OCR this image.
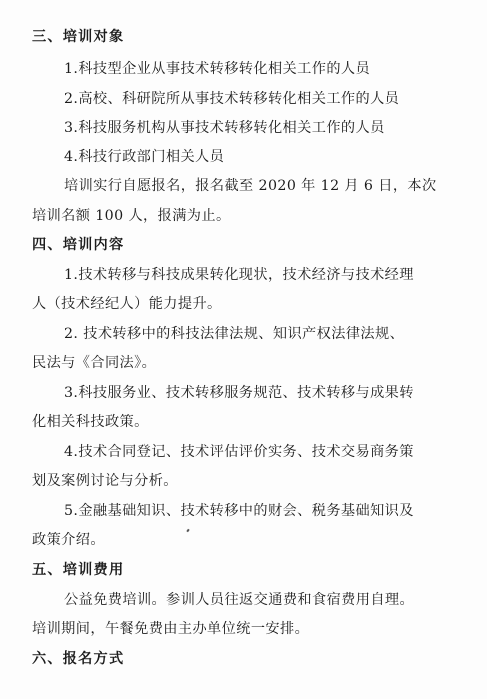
三、培训对象
1.科技型企业从事技术转移转化相关工作的人员
2.高校、科研院所从事技术转移转化相关工作的人员
3.科技服务机构从事技术转移转化相关工作的人员
4.科技行政部门相关人员
培训实行自愿报名，报名截至 2020 年 12 月 6 日，本次
培训名额 100 人，报满为止。
四、培训内容
1.技术转移与科技成果转化现状，技术经济与技术经理
人（技术经纪人）能力提升。
2. 技术转移中的科技法律法规、知识产权法律法规、
民法与《合同法》。
3.科技服务业、技术转移服务规范、技术转移与成果转
化相关科技政策。
4.技术合同登记、技术评估评价实务、技术交易商务策
划及案例讨论与分析。
5.金融基础知识、技术转移中的财会、税务基础知识及
政策介绍。
五、培训费用
公益免费培训。参训人员往返交通费和食宿费用自理。
培训期间，午餐免费由主办单位统一安排。
六、报名方式
